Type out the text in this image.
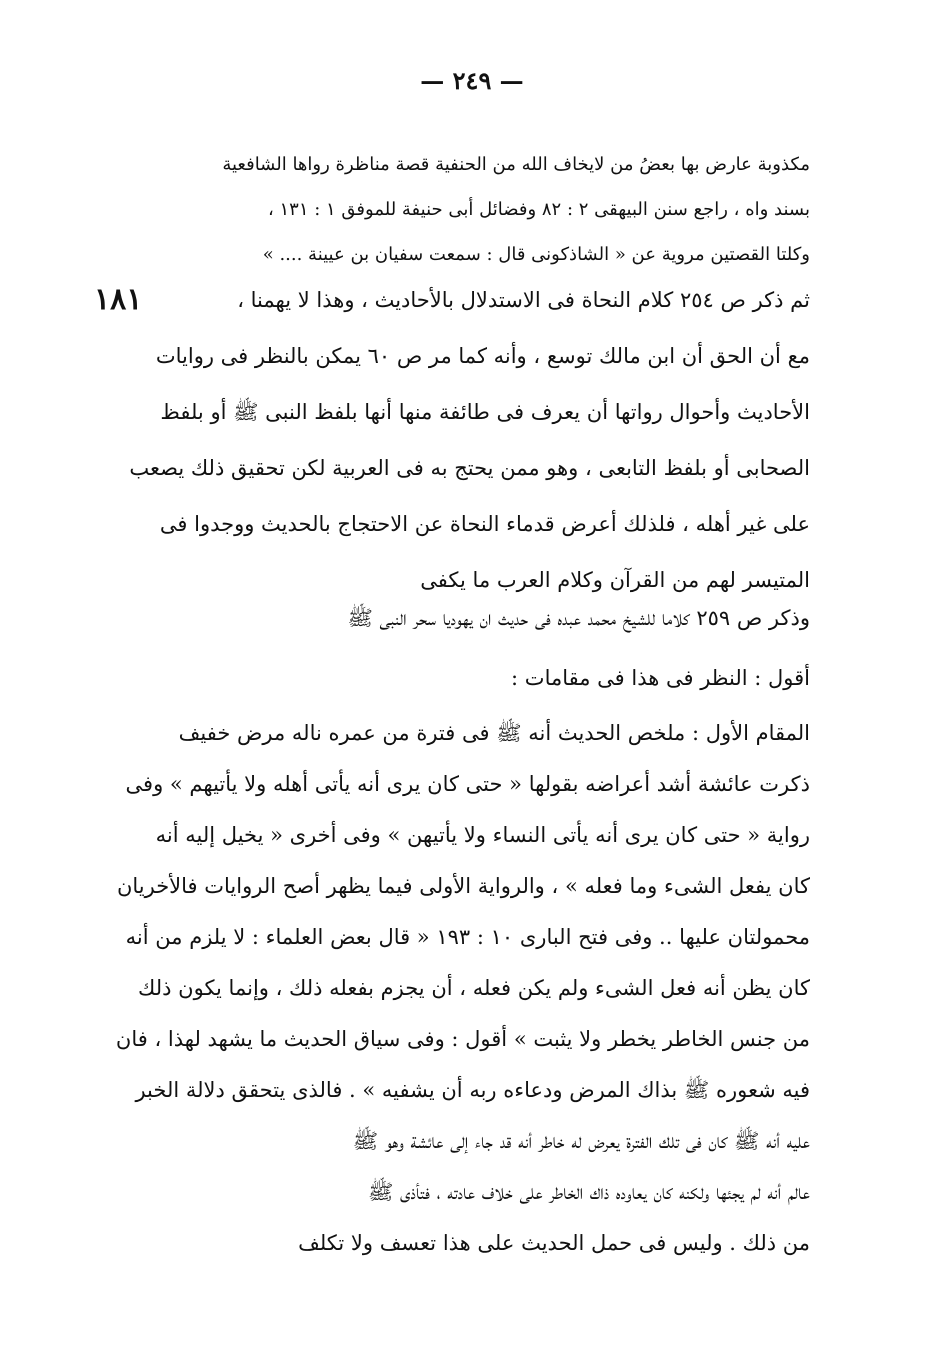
— ٢٤٩ —
مكذوبة عارض بها بعضُ من لايخاف الله من الحنفية قصة مناظرة رواها الشافعية
بسند واه ، راجع سنن البيهقى ٢ : ٨٢ وفضائل أبى حنيفة للموفق ١ : ١٣١ ،
وكلتا القصتين مروية عن « الشاذكونى قال : سمعت سفيان بن عيينة .... »
١٨١	ثم ذكر ص ٢٥٤ كلام النحاة فى الاستدلال بالأحاديث ، وهذا لا يهمنا ،
مع أن الحق أن ابن مالك توسع ، وأنه كما مر ص ٦٠ يمكن بالنظر فى روايات
الأحاديث وأحوال رواتها أن يعرف فى طائفة منها أنها بلفظ النبى ﷺ أو بلفظ
الصحابى أو بلفظ التابعى ، وهو ممن يحتج به فى العربية لكن تحقيق ذلك يصعب
على غير أهله ، فلذلك أعرض قدماء النحاة عن الاحتجاج بالحديث ووجدوا فى
المتيسر لهم من القرآن وكلام العرب ما يكفى
وذكر ص ٢٥٩ كلاما للشيخ محمد عبده فى حديث ان يهوديا سحر النبى ﷺ
أقول : النظر فى هذا فى مقامات :
المقام الأول : ملخص الحديث أنه ﷺ فى فترة من عمره ناله مرض خفيف
ذكرت عائشة أشد أعراضه بقولها « حتى كان يرى أنه يأتى أهله ولا يأتيهم » وفى
رواية « حتى كان يرى أنه يأتى النساء ولا يأتيهن » وفى أخرى « يخيل إليه أنه
كان يفعل الشىء وما فعله » ، والرواية الأولى فيما يظهر أصح الروايات فالأخريان
محمولتان عليها .. وفى فتح البارى ١٠ : ١٩٣ « قال بعض العلماء : لا يلزم من أنه
كان يظن أنه فعل الشىء ولم يكن فعله ، أن يجزم بفعله ذلك ، وإنما يكون ذلك
من جنس الخاطر يخطر ولا يثبت » أقول : وفى سياق الحديث ما يشهد لهذا ، فان
فيه شعوره ﷺ بذاك المرض ودعاءه ربه أن يشفيه » . فالذى يتحقق دلالة الخبر
عليه أنه ﷺ كان فى تلك الفترة يعرض له خاطر أنه قد جاء إلى عائشة وهو ﷺ
عالم أنه لم يجئها ولكنه كان يعاوده ذاك الخاطر على خلاف عادته ، فتأذى ﷺ
من ذلك . وليس فى حمل الحديث على هذا تعسف ولا تكلف
